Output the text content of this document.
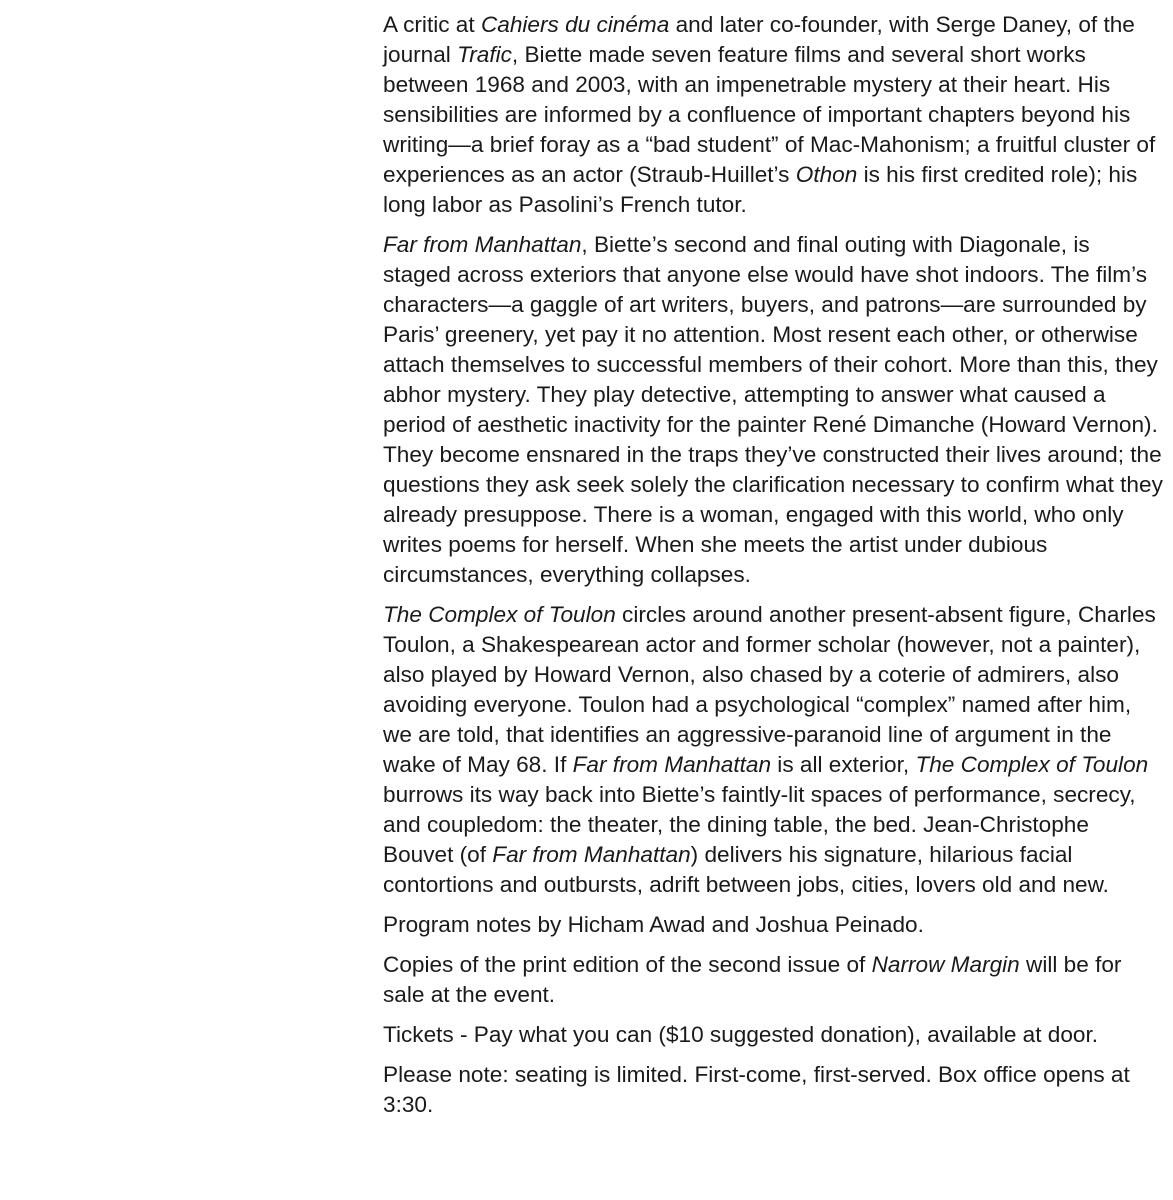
A critic at Cahiers du cinéma and later co-founder, with Serge Daney, of the journal Trafic, Biette made seven feature films and several short works between 1968 and 2003, with an impenetrable mystery at their heart. His sensibilities are informed by a confluence of important chapters beyond his writing—a brief foray as a “bad student” of Mac-Mahonism; a fruitful cluster of experiences as an actor (Straub-Huillet’s Othon is his first credited role); his long labor as Pasolini’s French tutor.

Far from Manhattan, Biette’s second and final outing with Diagonale, is staged across exteriors that anyone else would have shot indoors. The film’s characters—a gaggle of art writers, buyers, and patrons—are surrounded by Paris’ greenery, yet pay it no attention. Most resent each other, or otherwise attach themselves to successful members of their cohort. More than this, they abhor mystery. They play detective, attempting to answer what caused a period of aesthetic inactivity for the painter René Dimanche (Howard Vernon). They become ensnared in the traps they’ve constructed their lives around; the questions they ask seek solely the clarification necessary to confirm what they already presuppose. There is a woman, engaged with this world, who only writes poems for herself. When she meets the artist under dubious circumstances, everything collapses.

The Complex of Toulon circles around another present-absent figure, Charles Toulon, a Shakespearean actor and former scholar (however, not a painter), also played by Howard Vernon, also chased by a coterie of admirers, also avoiding everyone. Toulon had a psychological “complex” named after him, we are told, that identifies an aggressive-paranoid line of argument in the wake of May 68. If Far from Manhattan is all exterior, The Complex of Toulon burrows its way back into Biette’s faintly-lit spaces of performance, secrecy, and coupledom: the theater, the dining table, the bed. Jean-Christophe Bouvet (of Far from Manhattan) delivers his signature, hilarious facial contortions and outbursts, adrift between jobs, cities, lovers old and new.

Program notes by Hicham Awad and Joshua Peinado.

Copies of the print edition of the second issue of Narrow Margin will be for sale at the event.

Tickets - Pay what you can ($10 suggested donation), available at door.

Please note: seating is limited. First-come, first-served. Box office opens at 3:30.
